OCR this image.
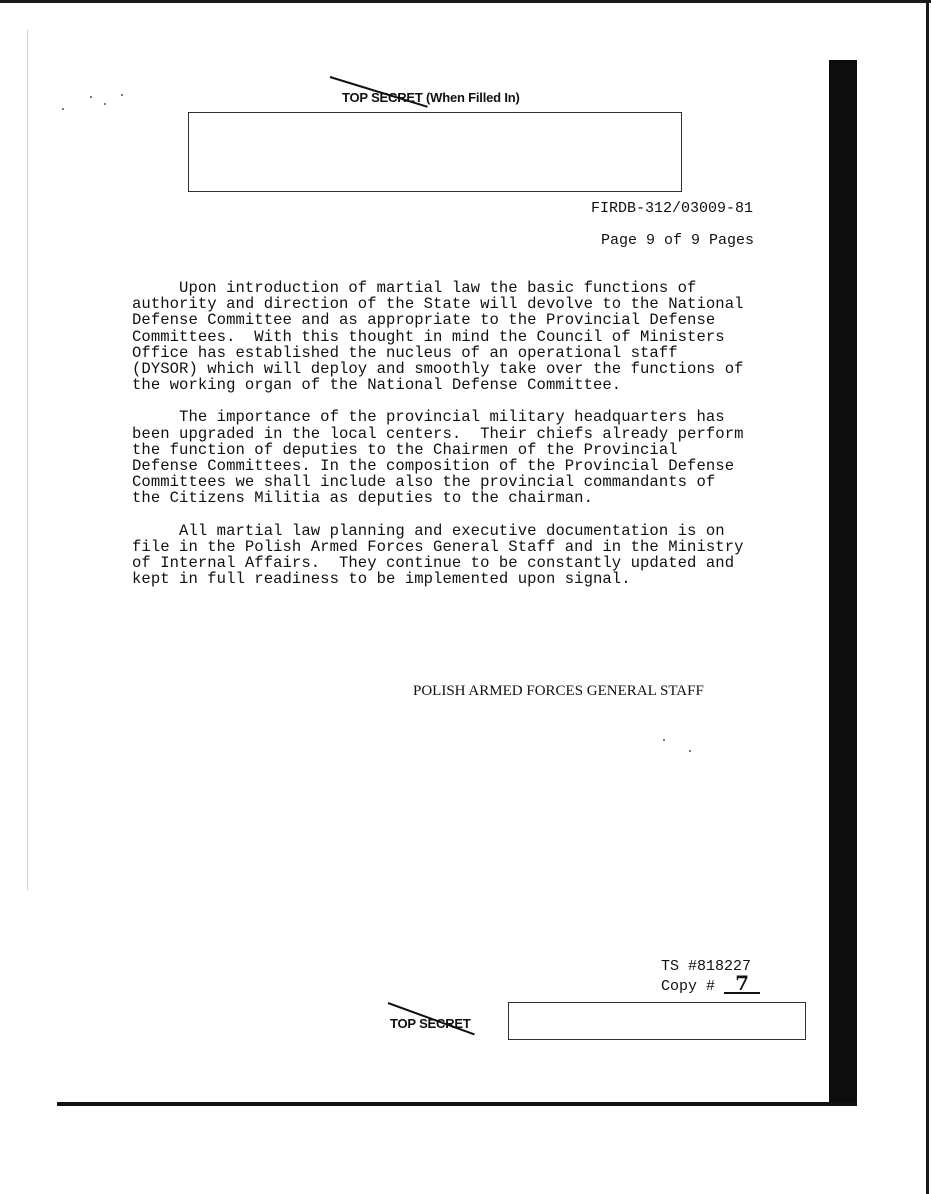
TOP SECRET (When Filled In)
FIRDB-312/03009-81
Page 9 of 9 Pages

Upon introduction of martial law the basic functions of
authority and direction of the State will devolve to the National
Defense Committee and as appropriate to the Provincial Defense
Committees.  With this thought in mind the Council of Ministers
Office has established the nucleus of an operational staff
(DYSOR) which will deploy and smoothly take over the functions of
the working organ of the National Defense Committee.

The importance of the provincial military headquarters has
been upgraded in the local centers.  Their chiefs already perform
the function of deputies to the Chairmen of the Provincial
Defense Committees. In the composition of the Provincial Defense
Committees we shall include also the provincial commandants of
the Citizens Militia as deputies to the chairman.

All martial law planning and executive documentation is on
file in the Polish Armed Forces General Staff and in the Ministry
of Internal Affairs.  They continue to be constantly updated and
kept in full readiness to be implemented upon signal.

POLISH ARMED FORCES GENERAL STAFF
TS #818227
Copy # 7
TOP SECRET
